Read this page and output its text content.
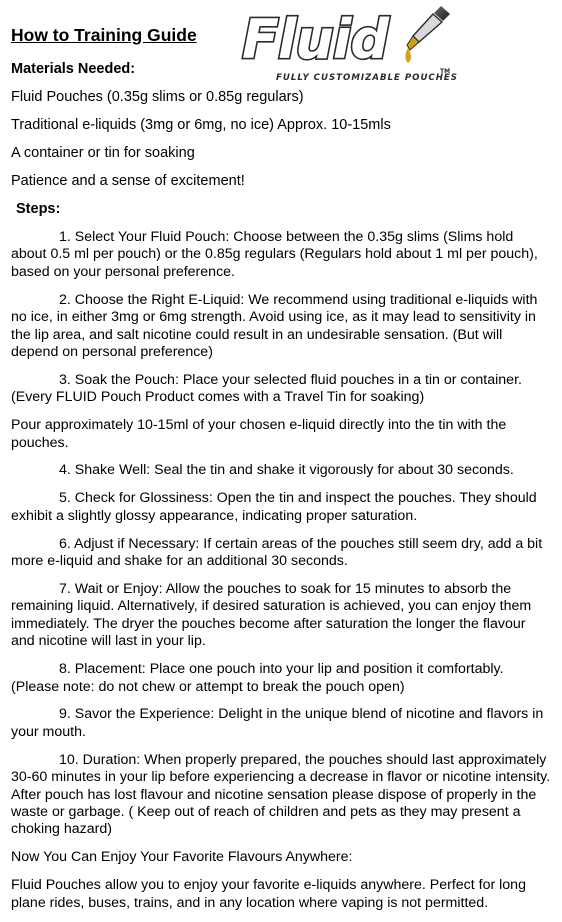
How to Training Guide
Materials Needed:
Fluid Pouches (0.35g slims or 0.85g regulars)
Traditional e-liquids (3mg or 6mg, no ice) Approx. 10-15mls
A container or tin for soaking
Patience and a sense of excitement!
Steps:

1. Select Your Fluid Pouch: Choose between the 0.35g slims (Slims hold about 0.5 ml per pouch) or the 0.85g regulars (Regulars hold about 1 ml per pouch), based on your personal preference.

2. Choose the Right E-Liquid: We recommend using traditional e-liquids with no ice, in either 3mg or 6mg strength. Avoid using ice, as it may lead to sensitivity in the lip area, and salt nicotine could result in an undesirable sensation. (But will depend on personal preference)

3. Soak the Pouch: Place your selected fluid pouches in a tin or container. (Every FLUID Pouch Product comes with a Travel Tin for soaking)

Pour approximately 10-15ml of your chosen e-liquid directly into the tin with the pouches.

4. Shake Well: Seal the tin and shake it vigorously for about 30 seconds.

5. Check for Glossiness: Open the tin and inspect the pouches. They should exhibit a slightly glossy appearance, indicating proper saturation.

6. Adjust if Necessary: If certain areas of the pouches still seem dry, add a bit more e-liquid and shake for an additional 30 seconds.

7. Wait or Enjoy: Allow the pouches to soak for 15 minutes to absorb the remaining liquid. Alternatively, if desired saturation is achieved, you can enjoy them immediately. The dryer the pouches become after saturation the longer the flavour and nicotine will last in your lip.

8. Placement: Place one pouch into your lip and position it comfortably. (Please note: do not chew or attempt to break the pouch open)

9. Savor the Experience: Delight in the unique blend of nicotine and flavors in your mouth.

10. Duration: When properly prepared, the pouches should last approximately 30-60 minutes in your lip before experiencing a decrease in flavor or nicotine intensity. After pouch has lost flavour and nicotine sensation please dispose of properly in the waste or garbage. ( Keep out of reach of children and pets as they may present a choking hazard)

Now You Can Enjoy Your Favorite Flavours Anywhere:

Fluid Pouches allow you to enjoy your favorite e-liquids anywhere. Perfect for long plane rides, buses, trains, and in any location where vaping is not permitted.

Fluid
FULLY CUSTOMIZABLE POUCHES
TM
